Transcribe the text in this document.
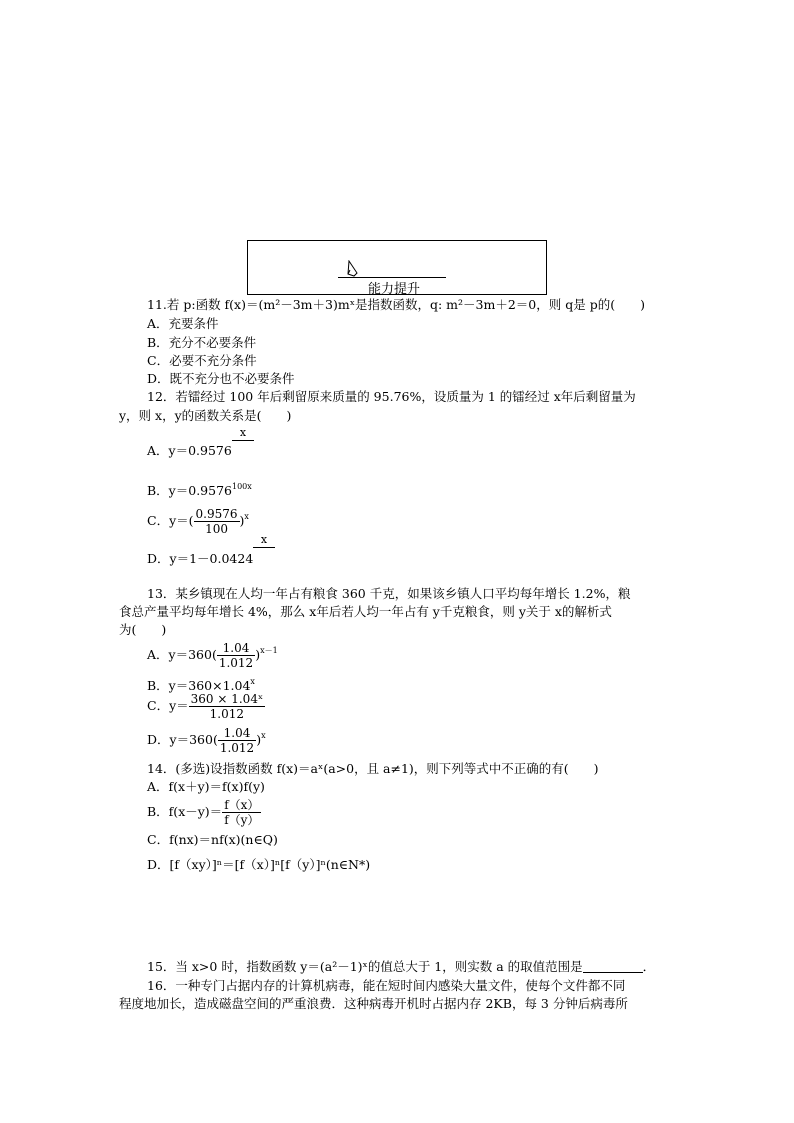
能力提升
11.若 p:函数 f(x)＝(m²－3m＋3)mˣ是指数函数，q: m²－3m＋2＝0，则 q是 p的(　　)
A．充要条件
B．充分不必要条件
C．必要不充分条件
D．既不充分也不必要条件
12．若镭经过 100 年后剩留原来质量的 95.76%，设质量为 1 的镭经过 x年后剩留量为
y，则 x，y的函数关系是(　　)
A．y＝0.9576
x
B．$y=0.9576^{100x}$
C．$y=( \frac{0.9576}{100} )^x$
D．y＝1－0.0424
x
13．某乡镇现在人均一年占有粮食 360 千克，如果该乡镇人口平均每年增长 1.2%，粮
食总产量平均每年增长 4%，那么 x年后若人均一年占有 y千克粮食，则 y关于 x的解析式
为(　　)
A．$y=360( \frac{1.04}{1.012} )^{x-1}$
B．$y=360\times 1.04^x$
C．$y= \frac{\text{360 × 1.04ˣ}}{1.012}$
D．$y=360( \frac{1.04}{1.012} )^x$
14．(多选)设指数函数 f(x)＝aˣ(a>0，且 a≠1)，则下列等式中不正确的有(　　)
A．f(x＋y)＝f(x)f(y)
B．$f(x-y)= \frac{f(x)}{f(y)}$
C．f(nx)＝nf(x)(n∈Q)
D．[f（xy）]ⁿ＝[f（x）]ⁿ[f（y）]ⁿ(n∈N*)
15．当 x>0 时，指数函数 y＝(a²－1)ˣ的值总大于 1，则实数 a 的取值范围是	．
16．一种专门占据内存的计算机病毒，能在短时间内感染大量文件，使每个文件都不同
程度地加长，造成磁盘空间的严重浪费．这种病毒开机时占据内存 2KB，每 3 分钟后病毒所
